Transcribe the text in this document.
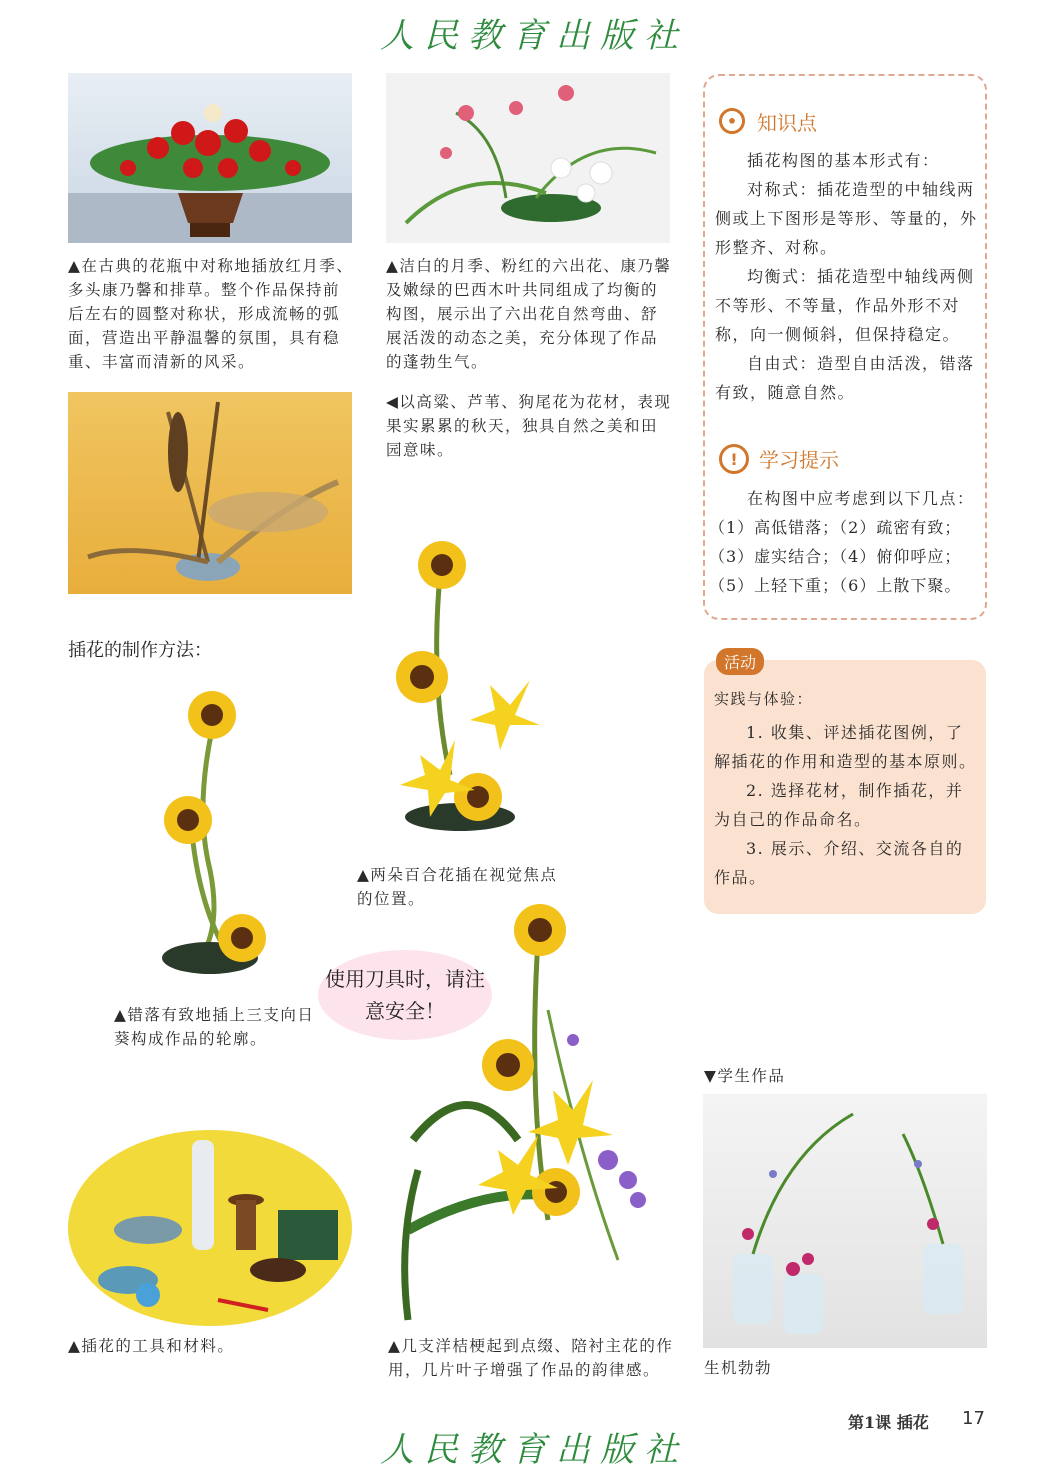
人民教育出版社
▲在古典的花瓶中对称地插放红月季、多头康乃馨和排草。整个作品保持前后左右的圆整对称状，形成流畅的弧面，营造出平静温馨的氛围，具有稳重、丰富而清新的风采。
▲洁白的月季、粉红的六出花、康乃馨及嫩绿的巴西木叶共同组成了均衡的构图，展示出了六出花自然弯曲、舒展活泼的动态之美，充分体现了作品的蓬勃生气。
◀以高粱、芦苇、狗尾花为花材，表现果实累累的秋天，独具自然之美和田园意味。
• 知识点
插花构图的基本形式有：
对称式：插花造型的中轴线两侧或上下图形是等形、等量的，外形整齐、对称。
均衡式：插花造型中轴线两侧不等形、不等量，作品外形不对称，向一侧倾斜，但保持稳定。
自由式：造型自由活泼，错落有致，随意自然。
!	学习提示
在构图中应考虑到以下几点：
（1）高低错落；（2）疏密有致；
（3）虚实结合；（4）俯仰呼应；
（5）上轻下重；（6）上散下聚。
插花的制作方法：
活动
实践与体验：
1. 收集、评述插花图例，了解插花的作用和造型的基本原则。
2. 选择花材，制作插花，并为自己的作品命名。
3. 展示、介绍、交流各自的作品。
▲错落有致地插上三支向日葵构成作品的轮廓。
▲两朵百合花插在视觉焦点的位置。
使用刀具时，请注意安全！
▲插花的工具和材料。	▲几支洋桔梗起到点缀、陪衬主花的作用，几片叶子增强了作品的韵律感。
▼学生作品
生机勃勃
第1课 插花 17
人民教育出版社
